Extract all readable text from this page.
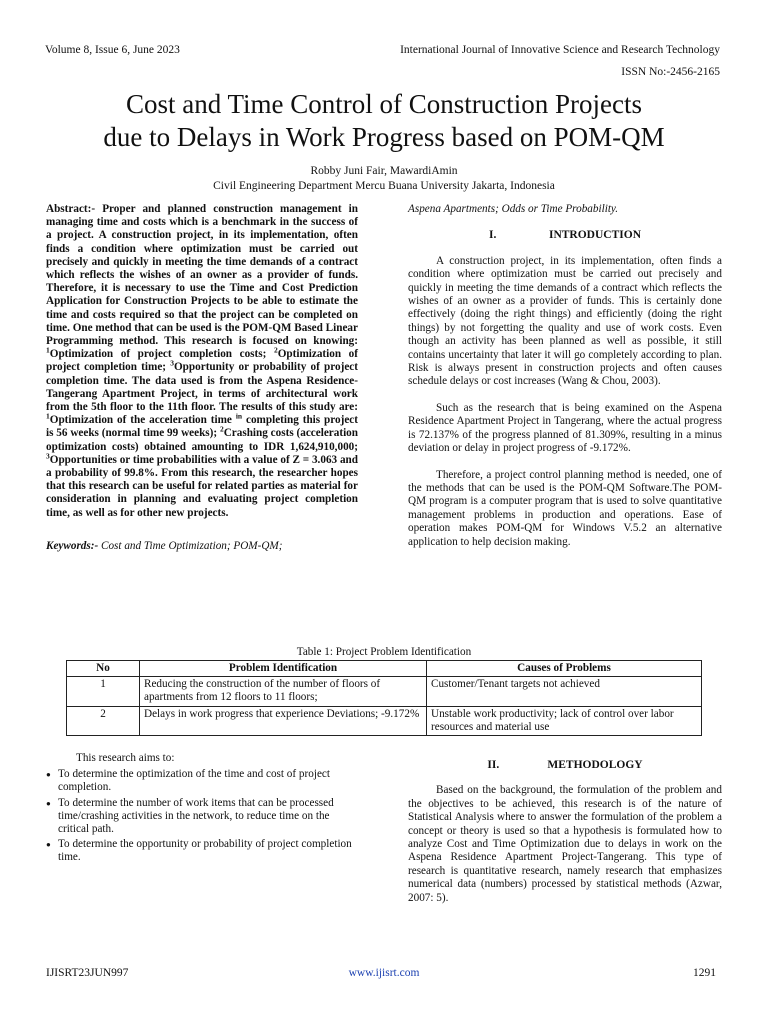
Volume 8, Issue 6, June 2023	International Journal of Innovative Science and Research Technology
ISSN No:-2456-2165
Cost and Time Control of Construction Projects
due to Delays in Work Progress based on POM-QM
Robby Juni Fair, MawardiAmin
Civil Engineering Department Mercu Buana University Jakarta, Indonesia

Abstract:- Proper and planned construction management in managing time and costs which is a benchmark in the success of a project. A construction project, in its implementation, often finds a condition where optimization must be carried out precisely and quickly in meeting the time demands of a contract which reflects the wishes of an owner as a provider of funds. Therefore, it is necessary to use the Time and Cost Prediction Application for Construction Projects to be able to estimate the time and costs required so that the project can be completed on time. One method that can be used is the POM-QM Based Linear Programming method. This research is focused on knowing: $^1$Optimization of project completion costs; $^2$Optimization of project completion time; $^3$Opportunity or probability of project completion time. The data used is from the Aspena Residence-Tangerang Apartment Project, in terms of architectural work from the 5th floor to the 11th floor. The results of this study are: $^1$Optimization of the acceleration time $^{in}$ completing this project is 56 weeks (normal time 99 weeks); $^2$Crashing costs (acceleration optimization costs) obtained amounting to IDR 1,624,910,000; $^3$Opportunities or time probabilities with a value of Z = 3.063 and a probability of 99.8%. From this research, the researcher hopes that this research can be useful for related parties as material for consideration in planning and evaluating project completion time, as well as for other new projects.

Keywords:- Cost and Time Optimization; POM-QM;

Aspena Apartments; Odds or Time Probability.

I.	INTRODUCTION

A construction project, in its implementation, often finds a condition where optimization must be carried out precisely and quickly in meeting the time demands of a contract which reflects the wishes of an owner as a provider of funds. This is certainly done effectively (doing the right things) and efficiently (doing the right things) by not forgetting the quality and use of work costs. Even though an activity has been planned as well as possible, it still contains uncertainty that later it will go completely according to plan. Risk is always present in construction projects and often causes schedule delays or cost increases (Wang & Chou, 2003).

Such as the research that is being examined on the Aspena Residence Apartment Project in Tangerang, where the actual progress is 72.137% of the progress planned of 81.309%, resulting in a minus deviation or delay in project progress of -9.172%.

Therefore, a project control planning method is needed, one of the methods that can be used is the POM-QM Software.The POM-QM program is a computer program that is used to solve quantitative management problems in production and operations. Ease of operation makes POM-QM for Windows V.5.2 an alternative application to help decision making.

Table 1: Project Problem Identification
No	Problem Identification	Causes of Problems
1	Reducing the construction of the number of floors of apartments from 12 floors to 11 floors;	Customer/Tenant targets not achieved
2	Delays in work progress that experience Deviations; -9.172%	Unstable work productivity; lack of control over labor resources and material use

This research aims to:

● To determine the optimization of the time and cost of project completion.
● To determine the number of work items that can be processed time/crashing activities in the network, to reduce time on the critical path.
● To determine the opportunity or probability of project completion time.
II.	METHODOLOGY

Based on the background, the formulation of the problem and the objectives to be achieved, this research is of the nature of Statistical Analysis where to answer the formulation of the problem a concept or theory is used so that a hypothesis is formulated how to analyze Cost and Time Optimization due to delays in work on the Aspena Residence Apartment Project-Tangerang. This type of research is quantitative research, namely research that emphasizes numerical data (numbers) processed by statistical methods (Azwar, 2007: 5).

IJISRT23JUN997	www.ijisrt.com	1291
